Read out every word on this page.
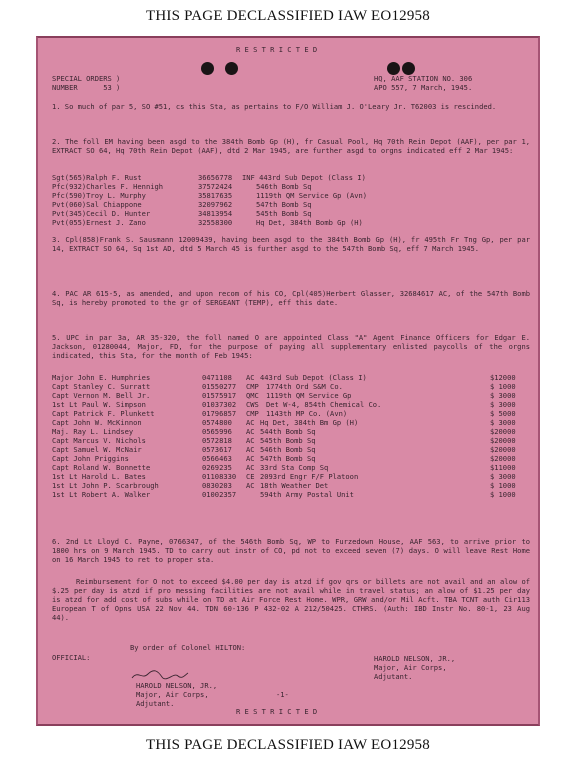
THIS PAGE DECLASSIFIED IAW EO12958
R E S T R I C T E D
SPECIAL ORDERS )
NUMBER      53 )
HQ, AAF STATION NO. 306
APO 557, 7 March, 1945.
1. So much of par 5, SO #51, cs this Sta, as pertains to F/O William J. O'Leary Jr. T62003 is rescinded.
2. The foll EM having been asgd to the 384th Bomb Gp (H), fr Casual Pool, Hq 70th Rein Depot (AAF), per par 1, EXTRACT SO 64, Hq 70th Rein Depot (AAF), dtd 2 Mar 1945, are further asgd to orgns indicated eff 2 Mar 1945:

Sgt(565)Ralph F. Rust	36656778 INF 443rd Sub Depot (Class I)

Pfc(932)Charles F. Hennigh	37572424	546th Bomb Sq

Pfc(590)Troy L. Murphy	35817635	1119th QM Service Gp (Avn)

Pvt(060)Sal Chiappone	32097962	547th Bomb Sq

Pvt(345)Cecil D. Hunter	34813954	545th Bomb Sq

Pvt(055)Ernest J. Zano	32558300	Hq Det, 384th Bomb Gp (H)

3. Cpl(858)Frank S. Sausmann 12009439, having been asgd to the 384th Bomb Gp (H), fr 495th Fr Tng Gp, per par 14, EXTRACT SO 64, Sq 1st AD, dtd 5 March 45 is further asgd to the 547th Bomb Sq, eff 7 March 1945.
4. PAC AR 615-5, as amended, and upon recom of his CO, Cpl(405)Herbert Glasser, 32684617 AC, of the 547th Bomb Sq, is hereby promoted to the gr of SERGEANT (TEMP), eff this date.
5. UPC in par 3a, AR 35-320, the foll named O are appointed Class "A" Agent Finance Officers for Edgar E. Jackson, 01280044, Major, FD, for the purpose of paying all supplementary enlisted paycolls of the orgns indicated, this Sta, for the month of Feb 1945:
Major John E. Humphries	0471108 AC 443rd Sub Depot (Class I)	$12000
Capt Stanley C. Surratt	01550277 CMP 1774th Ord S&M Co.	$ 1000
Capt Vernon M. Bell Jr.	01575917 QMC 1119th QM Service Gp	$ 3000
1st Lt Paul W. Simpson	01037302 CWS Det W-4, 854th Chemical Co.	$ 3000
Capt Patrick F. Plunkett	01796857 CMP 1143th MP Co. (Avn)	$ 5000
Capt John W. McKinnon	0574800 AC Hq Det, 384th Bm Gp (H)	$ 3000
Maj. Ray L. Lindsey	0565996 AC 544th Bomb Sq	$20000
Capt Marcus V. Nichols	0572818 AC 545th Bomb Sq	$20000
Capt Samuel W. McNair	0573617 AC 546th Bomb Sq	$20000
Capt John Priggins	0566463 AC 547th Bomb Sq	$20000
Capt Roland W. Bonnette	0269235 AC 33rd Sta Comp Sq	$11000
1st Lt Harold L. Bates	01108330 CE 2093rd Engr F/F Platoon	$ 3000
1st Lt John P. Scarbrough	0830203 AC 18th Weather Det	$ 1000
1st Lt Robert A. Walker	01002357	594th Army Postal Unit	$ 1000
6. 2nd Lt Lloyd C. Payne, 0766347, of the 546th Bomb Sq, WP to Furzedown House, AAF 563, to arrive prior to 1800 hrs on 9 March 1945. TD to carry out instr of CO, pd not to exceed seven (7) days. O will leave Rest Home on 16 March 1945 to ret to proper sta.
Reimbursement for O not to exceed $4.00 per day is atzd if gov qrs or billets are not avail and an alow of $.25 per day is atzd if pro messing facilities are not avail while in travel status; an alow of $1.25 per day is atzd for add cost of subs while on TD at Air Force Rest Home. WPR, GRW and/or Mil Acft. TBA TCNT auth Cir113 European T of Opns USA 22 Nov 44. TDN 60-136 P 432-02 A 212/50425. CTHRS. (Auth: IBD Instr No. 80-1, 23 Aug 44).
By order of Colonel HILTON:
OFFICIAL:
HAROLD NELSON, JR.,
Major, Air Corps,
Adjutant.
-1-
HAROLD NELSON, JR.,
Major, Air Corps,
Adjutant.
R E S T R I C T E D
THIS PAGE DECLASSIFIED IAW EO12958
